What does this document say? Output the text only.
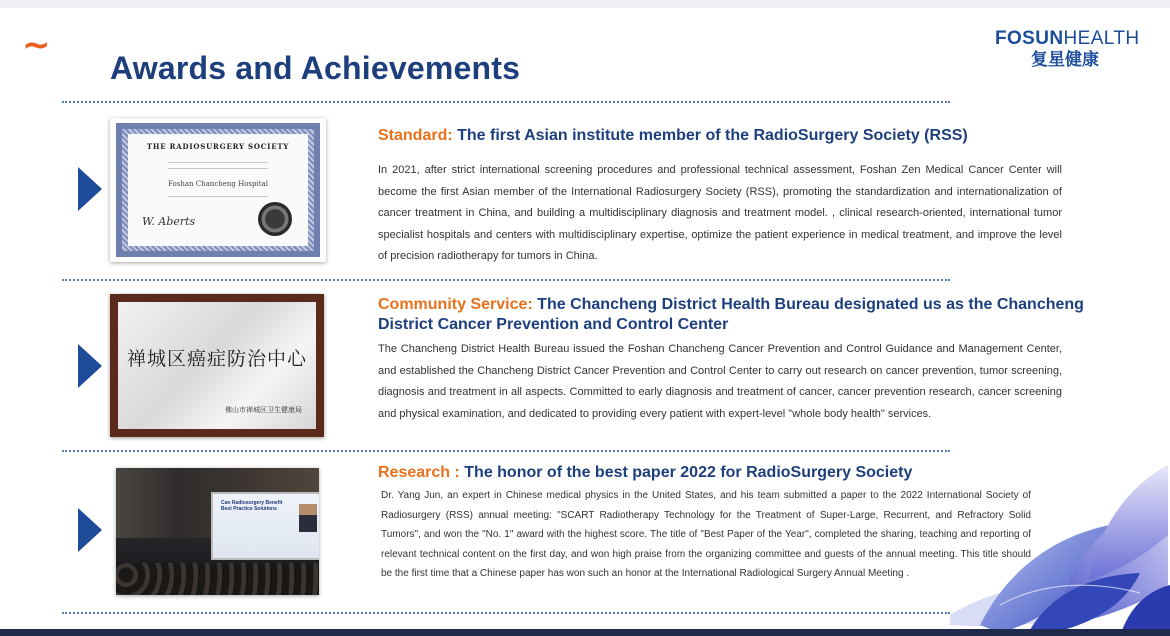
~
Awards and Achievements
FOSUNHEALTH
复星健康
THE RADIOSURGERY SOCIETY
Foshan Chancheng Hospital
W. Aberts
Standard: The first Asian institute member of the RadioSurgery Society (RSS)
In 2021, after strict international screening procedures and professional technical assessment, Foshan Zen Medical Cancer Center will become the first Asian member of the International Radiosurgery Society (RSS), promoting the standardization and internationalization of cancer treatment in China, and building a multidisciplinary diagnosis and treatment model. , clinical research-oriented, international tumor specialist hospitals and centers with multidisciplinary expertise, optimize the patient experience in medical treatment, and improve the level of precision radiotherapy for tumors in China.
禅城区癌症防治中心
佛山市禅城区卫生健康局
Community Service: The Chancheng District Health Bureau designated us as the Chancheng District Cancer Prevention and Control Center
The Chancheng District Health Bureau issued the Foshan Chancheng Cancer Prevention and Control Guidance and Management Center, and established the Chancheng District Cancer Prevention and Control Center to carry out research on cancer prevention, tumor screening, diagnosis and treatment in all aspects. Committed to early diagnosis and treatment of cancer, cancer prevention research, cancer screening and physical examination, and dedicated to providing every patient with expert-level "whole body health" services.
Can Radiosurgery Benefit Best Practice Solutions
Research : The honor of the best paper 2022 for RadioSurgery Society
Dr. Yang Jun, an expert in Chinese medical physics in the United States, and his team submitted a paper to the 2022 International Society of Radiosurgery (RSS) annual meeting: "SCART Radiotherapy Technology for the Treatment of Super-Large, Recurrent, and Refractory Solid Tumors", and won the "No. 1" award with the highest score. The title of "Best Paper of the Year", completed the sharing, teaching and reporting of relevant technical content on the first day, and won high praise from the organizing committee and guests of the annual meeting. This title should be the first time that a Chinese paper has won such an honor at the International Radiological Surgery Annual Meeting .
